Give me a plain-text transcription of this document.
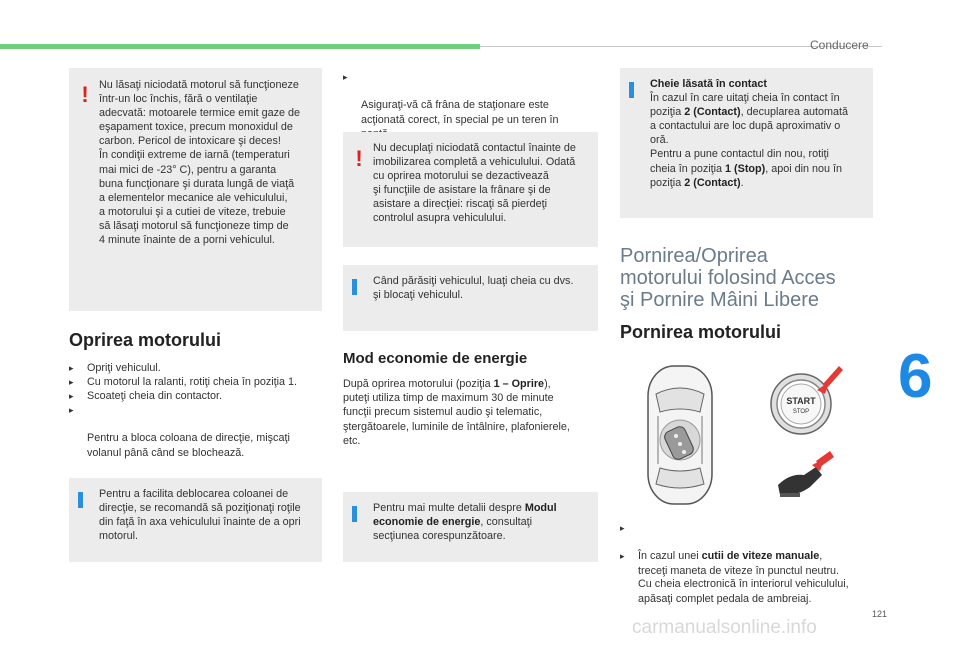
Conducere
6
121
carmanualsonline.info
! Nu lăsaţi niciodată motorul să funcţioneze
într-un loc închis, fără o ventilaţie
adecvată: motoarele termice emit gaze de
eşapament toxice, precum monoxidul de
carbon. Pericol de intoxicare şi deces!
În condiţii extreme de iarnă (temperaturi
mai mici de -23° C), pentru a garanta
buna funcţionare şi durata lungă de viaţă
a elementelor mecanice ale vehiculului,
a motorului şi a cutiei de viteze, trebuie
să lăsaţi motorul să funcţioneze timp de
4 minute înainte de a porni vehiculul.
Oprirea motorului
▸ Opriţi vehiculul.
▸ Cu motorul la ralanti, rotiţi cheia în poziţia 1.
▸ Scoateţi cheia din contactor.

▸

Pentru a bloca coloana de direcţie, mişcaţi
volanul până când se blochează.

Pentru a facilita deblocarea coloanei de
direcţie, se recomandă să poziţionaţi roţile
din faţă în axa vehiculului înainte de a opri
motorul.

▸

Asiguraţi-vă că frâna de staţionare este
acţionată corect, în special pe un teren în

! Nu decuplaţi niciodată contactul înainte de
imobilizarea completă a vehiculului. Odată
cu oprirea motorului se dezactivează
şi funcţiile de asistare la frânare şi de
asistare a direcţiei: riscaţi să pierdeţi
controlul asupra vehiculului.
Când părăsiţi vehiculul, luaţi cheia cu dvs.
şi blocaţi vehiculul.
Mod economie de energie
După oprirea motorului (poziţia 1 – Oprire),
puteţi utiliza timp de maximum 30 de minute
funcţii precum sistemul audio şi telematic,
ştergătoarele, luminile de întâlnire, plafonierele,
etc.
Pentru mai multe detalii despre Modul
economie de energie, consultaţi
secţiunea corespunzătoare.
Cheie lăsată în contact
În cazul în care uitaţi cheia în contact în
poziţia 2 (Contact), decuplarea automată
a contactului are loc după aproximativ o
oră.
Pentru a pune contactul din nou, rotiţi
cheia în poziţia 1 (Stop), apoi din nou în
poziţia 2 (Contact).
Pornirea/Oprirea
motorului folosind Acces
şi Pornire Mâini Libere
Pornirea motorului
START
STOP

▸

În cazul unei cutii de viteze manuale,
treceţi maneta de viteze în punctul neutru.

▸

Cu cheia electronică în interiorul vehiculului,
apăsaţi complet pedala de ambreiaj.
